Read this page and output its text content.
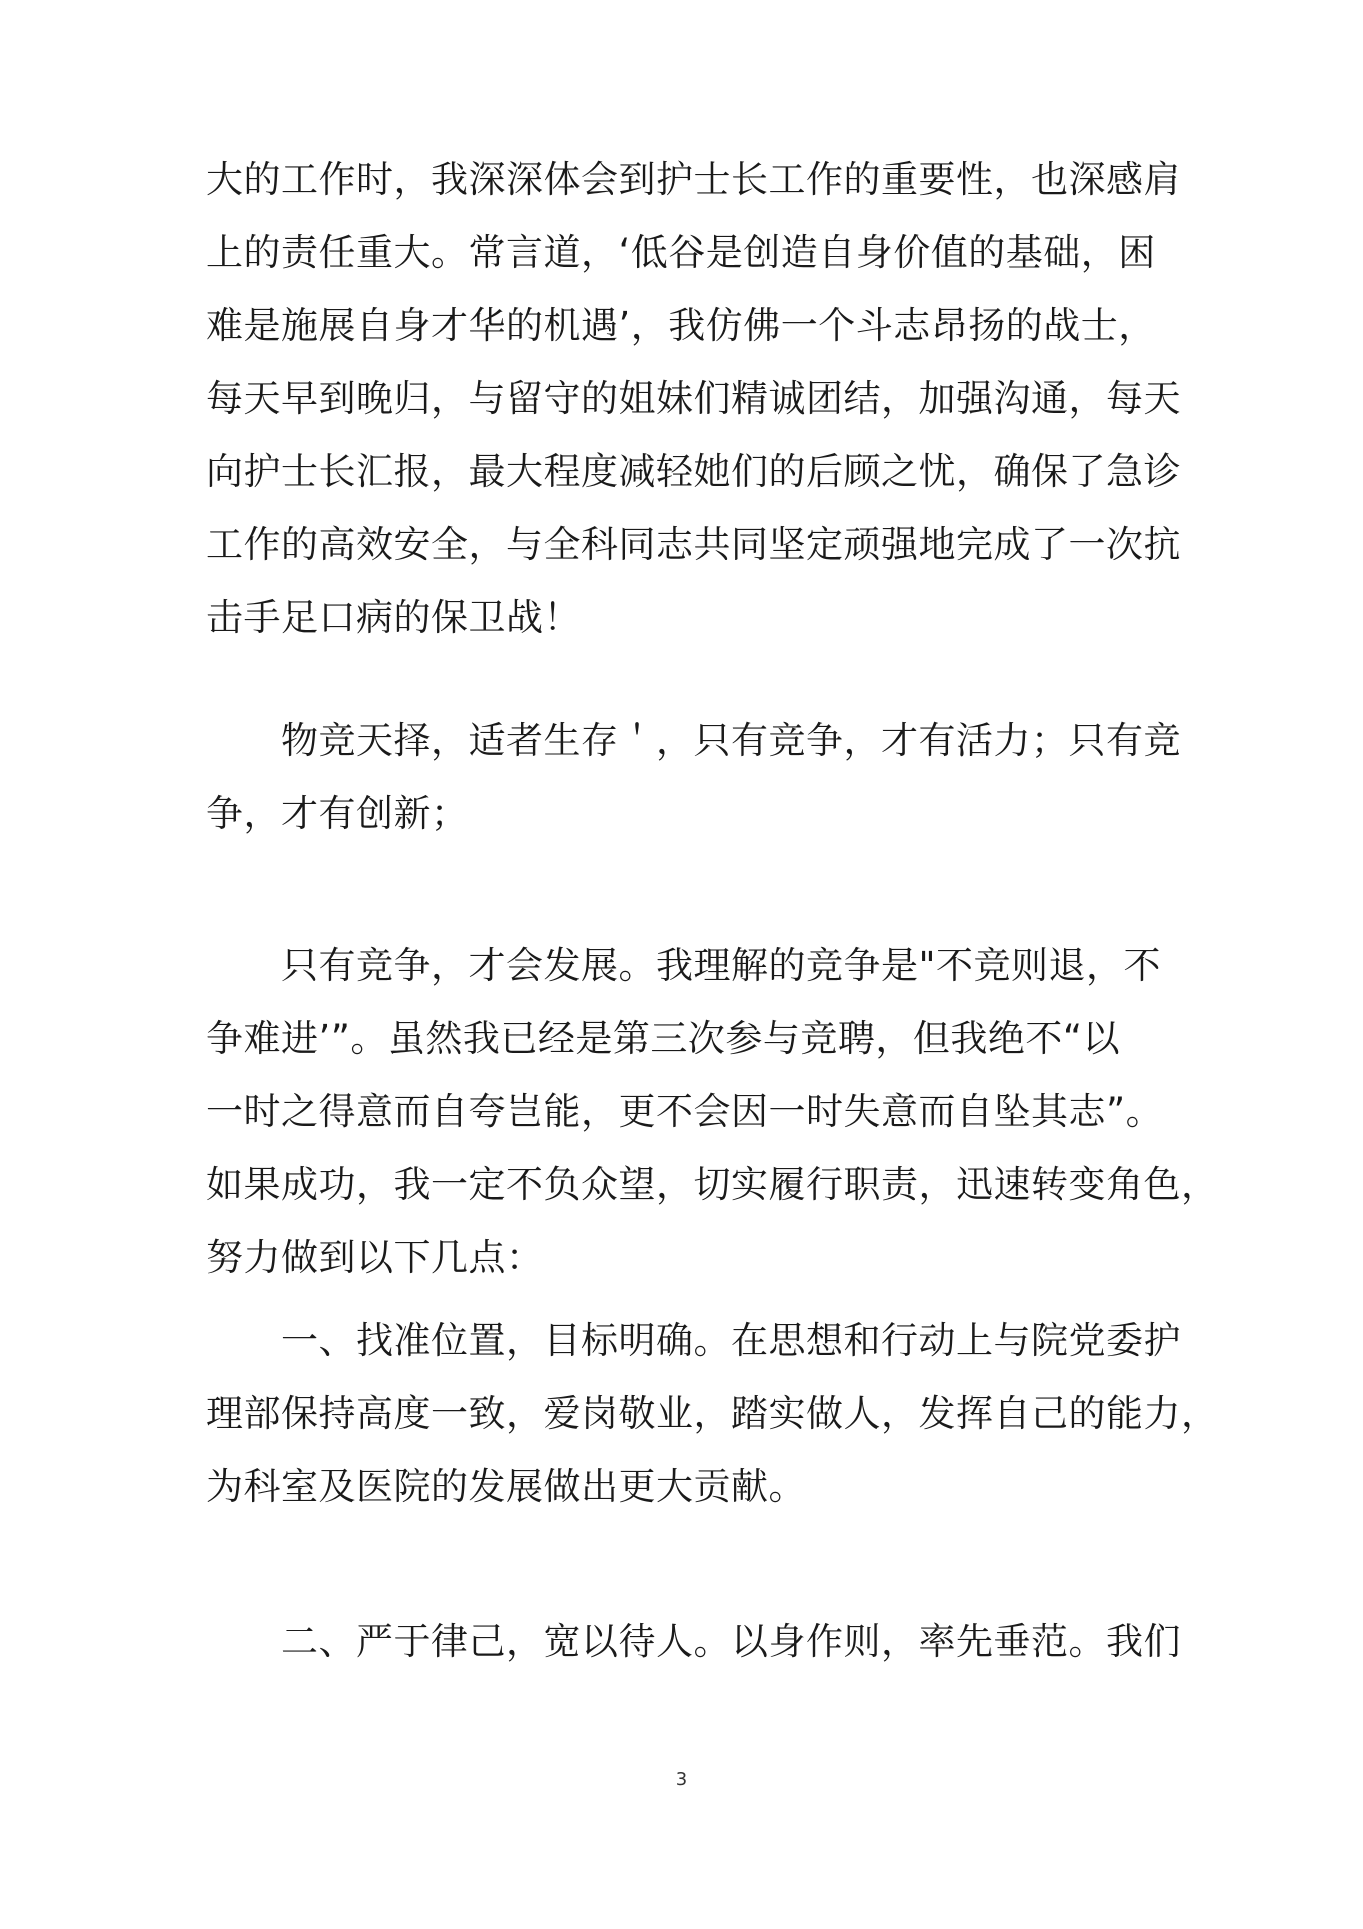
大的工作时，我深深体会到护士长工作的重要性，也深感肩
上的责任重大。常言道，‘低谷是创造自身价值的基础，困
难是施展自身才华的机遇’，我仿佛一个斗志昂扬的战士，
每天早到晚归，与留守的姐妹们精诚团结，加强沟通，每天
向护士长汇报，最大程度减轻她们的后顾之忧，确保了急诊
工作的高效安全，与全科同志共同坚定顽强地完成了一次抗
击手足口病的保卫战！
物竞天择，适者生存＇，只有竞争，才有活力；只有竞
争，才有创新；
只有竞争，才会发展。我理解的竞争是"不竞则退，不
争难进’”。虽然我已经是第三次参与竞聘，但我绝不“以
一时之得意而自夸岂能，更不会因一时失意而自坠其志”。
如果成功，我一定不负众望，切实履行职责，迅速转变角色，
努力做到以下几点：
一、找准位置，目标明确。在思想和行动上与院党委护
理部保持高度一致，爱岗敬业，踏实做人，发挥自己的能力，
为科室及医院的发展做出更大贡献。
二、严于律己，宽以待人。以身作则，率先垂范。我们
3
